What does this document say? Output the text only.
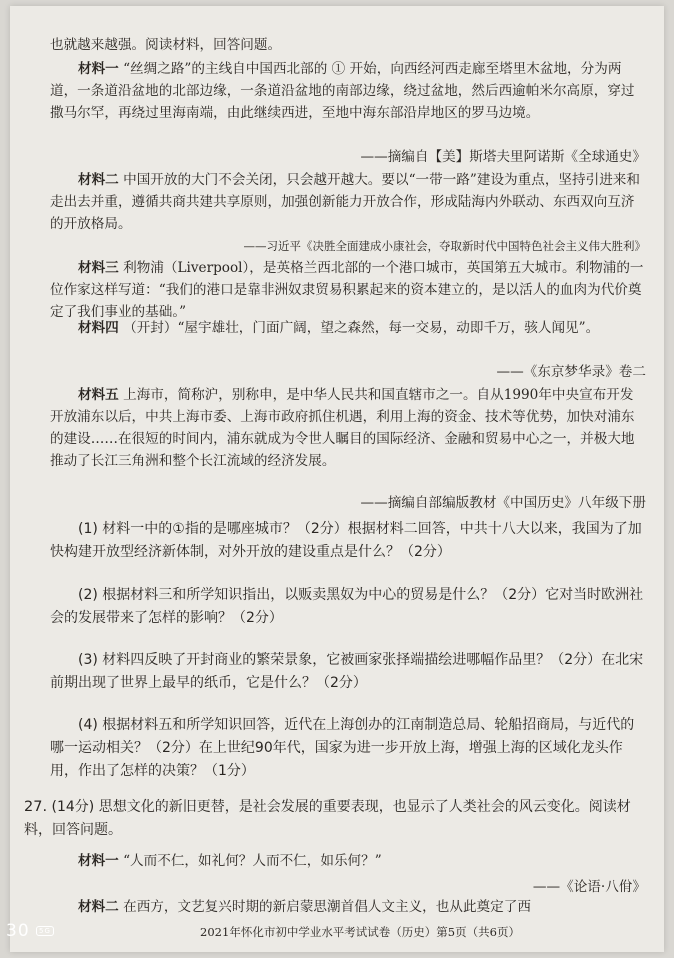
也就越来越强。阅读材料，回答问题。
材料一 “丝绸之路”的主线自中国西北部的 ① 开始，向西经河西走廊至塔里木盆地，分为两道，一条道沿盆地的北部边缘，一条道沿盆地的南部边缘，绕过盆地，然后西逾帕米尔高原，穿过撒马尔罕，再绕过里海南端，由此继续西进，至地中海东部沿岸地区的罗马边境。
——摘编自【美】斯塔夫里阿诺斯《全球通史》
材料二 中国开放的大门不会关闭，只会越开越大。要以“一带一路”建设为重点，坚持引进来和走出去并重，遵循共商共建共享原则，加强创新能力开放合作，形成陆海内外联动、东西双向互济的开放格局。
——习近平《决胜全面建成小康社会，夺取新时代中国特色社会主义伟大胜利》
材料三 利物浦（Liverpool），是英格兰西北部的一个港口城市，英国第五大城市。利物浦的一位作家这样写道：“我们的港口是靠非洲奴隶贸易积累起来的资本建立的，是以活人的血肉为代价奠定了我们事业的基础。”
材料四 （开封）“屋宇雄壮，门面广阔，望之森然，每一交易，动即千万，骇人闻见”。
——《东京梦华录》卷二
材料五 上海市，简称沪，别称申，是中华人民共和国直辖市之一。自从1990年中央宣布开发开放浦东以后，中共上海市委、上海市政府抓住机遇，利用上海的资金、技术等优势，加快对浦东的建设……在很短的时间内，浦东就成为令世人瞩目的国际经济、金融和贸易中心之一，并极大地推动了长江三角洲和整个长江流域的经济发展。
——摘编自部编版教材《中国历史》八年级下册
(1) 材料一中的①指的是哪座城市？（2分）根据材料二回答，中共十八大以来，我国为了加快构建开放型经济新体制，对外开放的建设重点是什么？（2分）
(2) 根据材料三和所学知识指出，以贩卖黑奴为中心的贸易是什么？（2分）它对当时欧洲社会的发展带来了怎样的影响？（2分）
(3) 材料四反映了开封商业的繁荣景象，它被画家张择端描绘进哪幅作品里？（2分）在北宋前期出现了世界上最早的纸币，它是什么？（2分）
(4) 根据材料五和所学知识回答，近代在上海创办的江南制造总局、轮船招商局，与近代的哪一运动相关？（2分）在上世纪90年代，国家为进一步开放上海，增强上海的区域化龙头作用，作出了怎样的决策？（1分）
27. (14分) 思想文化的新旧更替，是社会发展的重要表现，也显示了人类社会的风云变化。阅读材料，回答问题。
材料一 “人而不仁，如礼何？人而不仁，如乐何？”
——《论语·八佾》
材料二 在西方，文艺复兴时期的新启蒙思潮首倡人文主义，也从此奠定了西
2021年怀化市初中学业水平考试试卷（历史）第5页（共6页）
30 5G
